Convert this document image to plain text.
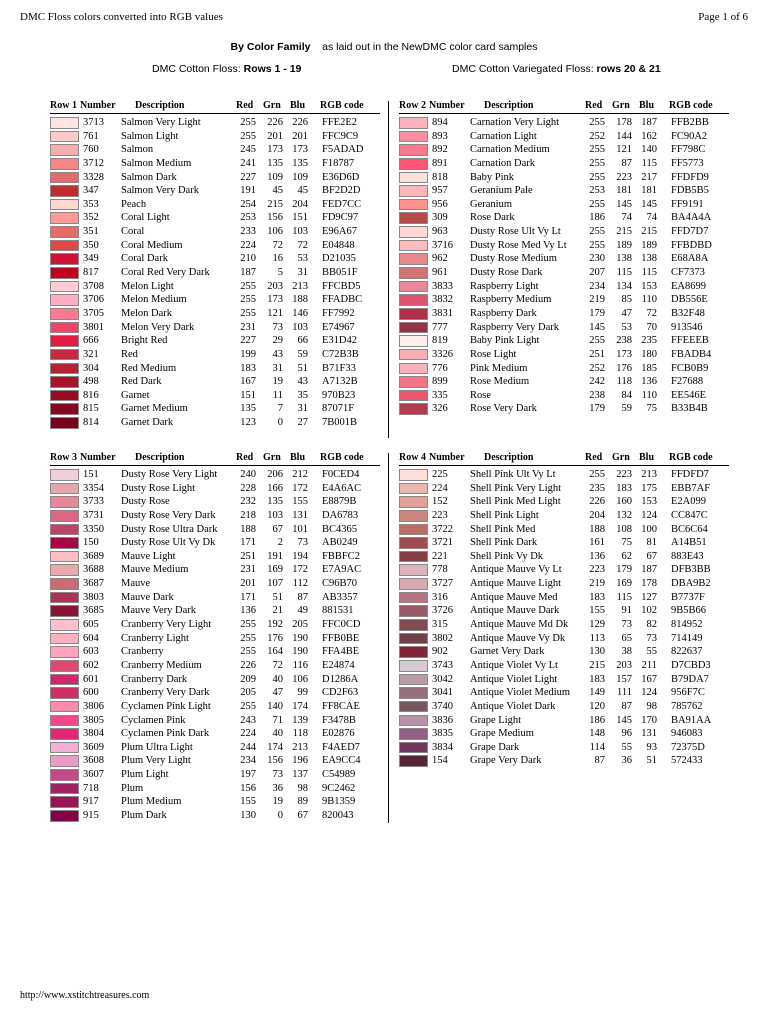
DMC Floss colors converted into RGB values	Page 1 of 6
By Color Family as laid out in the NewDMC color card samples
DMC Cotton Floss: Rows 1 - 19	DMC Cotton Variegated Floss: rows 20 & 21
Row 1 Number Description	Red Grn Blu RGB code
3713 Salmon Very Light	255	226 226 FFE2E2
761 Salmon Light	255	201 201 FFC9C9
760 Salmon	245	173 173 F5ADAD
3712 Salmon Medium	241	135 135 F18787
3328 Salmon Dark	227	109 109 E36D6D
347 Salmon Very Dark	191	45	45 BF2D2D
353 Peach	254	215 204 FED7CC
352 Coral Light	253	156 151 FD9C97
351 Coral	233	106 103 E96A67
350 Coral Medium	224	72	72 E04848
349 Coral Dark	210	16	53 D21035
817 Coral Red Very Dark	187	5	31 BB051F
3708 Melon Light	255	203 213 FFCBD5
3706 Melon Medium	255	173 188 FFADBC
3705 Melon Dark	255	121 146 FF7992
3801 Melon Very Dark	231	73 103 E74967
666 Bright Red	227	29	66 E31D42
321 Red	199	43	59 C72B3B
304 Red Medium	183	31	51 B71F33
498 Red Dark	167	19	43 A7132B
816 Garnet	151	11	35 970B23
815 Garnet Medium	135	7	31 87071F
814 Garnet Dark	123	0	27 7B001B
Row 2 Number Description	Red Grn Blu RGB code
894 Carnation Very Light	255	178 187 FFB2BB
893 Carnation Light	252	144 162 FC90A2
892 Carnation Medium	255	121 140 FF798C
891 Carnation Dark	255	87 115 FF5773
818 Baby Pink	255	223 217 FFDFD9
957 Geranium Pale	253	181 181 FDB5B5
956 Geranium	255	145 145 FF9191
309 Rose Dark	186	74	74 BA4A4A
963 Dusty Rose Ult Vy Lt	255	215 215 FFD7D7
3716 Dusty Rose Med Vy Lt	255	189 189 FFBDBD
962 Dusty Rose Medium	230	138 138 E68A8A
961 Dusty Rose Dark	207	115 115 CF7373
3833 Raspberry Light	234	134 153 EA8699
3832 Raspberry Medium	219	85 110 DB556E
3831 Raspberry Dark	179	47	72 B32F48
777 Raspberry Very Dark	145	53	70 913546
819 Baby Pink Light	255	238 235 FFEEEB
3326 Rose Light	251	173 180 FBADB4
776 Pink Medium	252	176 185 FCB0B9
899 Rose Medium	242	118 136 F27688
335 Rose	238	84 110 EE546E
326 Rose Very Dark	179	59	75 B33B4B
Row 3 Number Description	Red Grn Blu RGB code
151 Dusty Rose Very Light	240	206 212 F0CED4
3354 Dusty Rose Light	228	166 172 E4A6AC
3733 Dusty Rose	232	135 155 E8879B
3731 Dusty Rose Very Dark	218	103 131 DA6783
3350 Dusty Rose Ultra Dark	188	67 101 BC4365
150 Dusty Rose Ult Vy Dk	171	2	73 AB0249
3689 Mauve Light	251	191 194 FBBFC2
3688 Mauve Medium	231	169 172 E7A9AC
3687 Mauve	201	107 112 C96B70
3803 Mauve Dark	171	51	87 AB3357
3685 Mauve Very Dark	136	21	49 881531
605 Cranberry Very Light	255	192 205 FFC0CD
604 Cranberry Light	255	176 190 FFB0BE
603 Cranberry	255	164 190 FFA4BE
602 Cranberry Medium	226	72 116 E24874
601 Cranberry Dark	209	40 106 D1286A
600 Cranberry Very Dark	205	47	99 CD2F63
3806 Cyclamen Pink Light	255	140 174 FF8CAE
3805 Cyclamen Pink	243	71 139 F3478B
3804 Cyclamen Pink Dark	224	40 118 E02876
3609 Plum Ultra Light	244	174 213 F4AED7
3608 Plum Very Light	234	156 196 EA9CC4
3607 Plum Light	197	73 137 C54989
718 Plum	156	36	98 9C2462
917 Plum Medium	155	19	89 9B1359
915 Plum Dark	130	0	67 820043
Row 4 Number Description	Red Grn Blu RGB code
225 Shell Pink Ult Vy Lt	255	223 213 FFDFD7
224 Shell Pink Very Light	235	183 175 EBB7AF
152 Shell Pink Med Light	226	160 153 E2A099
223 Shell Pink Light	204	132 124 CC847C
3722 Shell Pink Med	188	108 100 BC6C64
3721 Shell Pink Dark	161	75	81 A14B51
221 Shell Pink Vy Dk	136	62	67 883E43
778 Antique Mauve Vy Lt	223	179 187 DFB3BB
3727 Antique Mauve Light	219	169 178 DBA9B2
316 Antique Mauve Med	183	115 127 B7737F
3726 Antique Mauve Dark	155	91 102 9B5B66
315 Antique Mauve Md Dk	129	73	82 814952
3802 Antique Mauve Vy Dk	113	65	73 714149
902 Garnet Very Dark	130	38	55 822637
3743 Antique Violet Vy Lt	215	203 211 D7CBD3
3042 Antique Violet Light	183	157 167 B79DA7
3041 Antique Violet Medium	149	111 124 956F7C
3740 Antique Violet Dark	120	87	98 785762
3836 Grape Light	186	145 170 BA91AA
3835 Grape Medium	148	96 131 946083
3834 Grape Dark	114	55	93 72375D
154 Grape Very Dark	87	36	51 572433
http://www.xstitchtreasures.com
